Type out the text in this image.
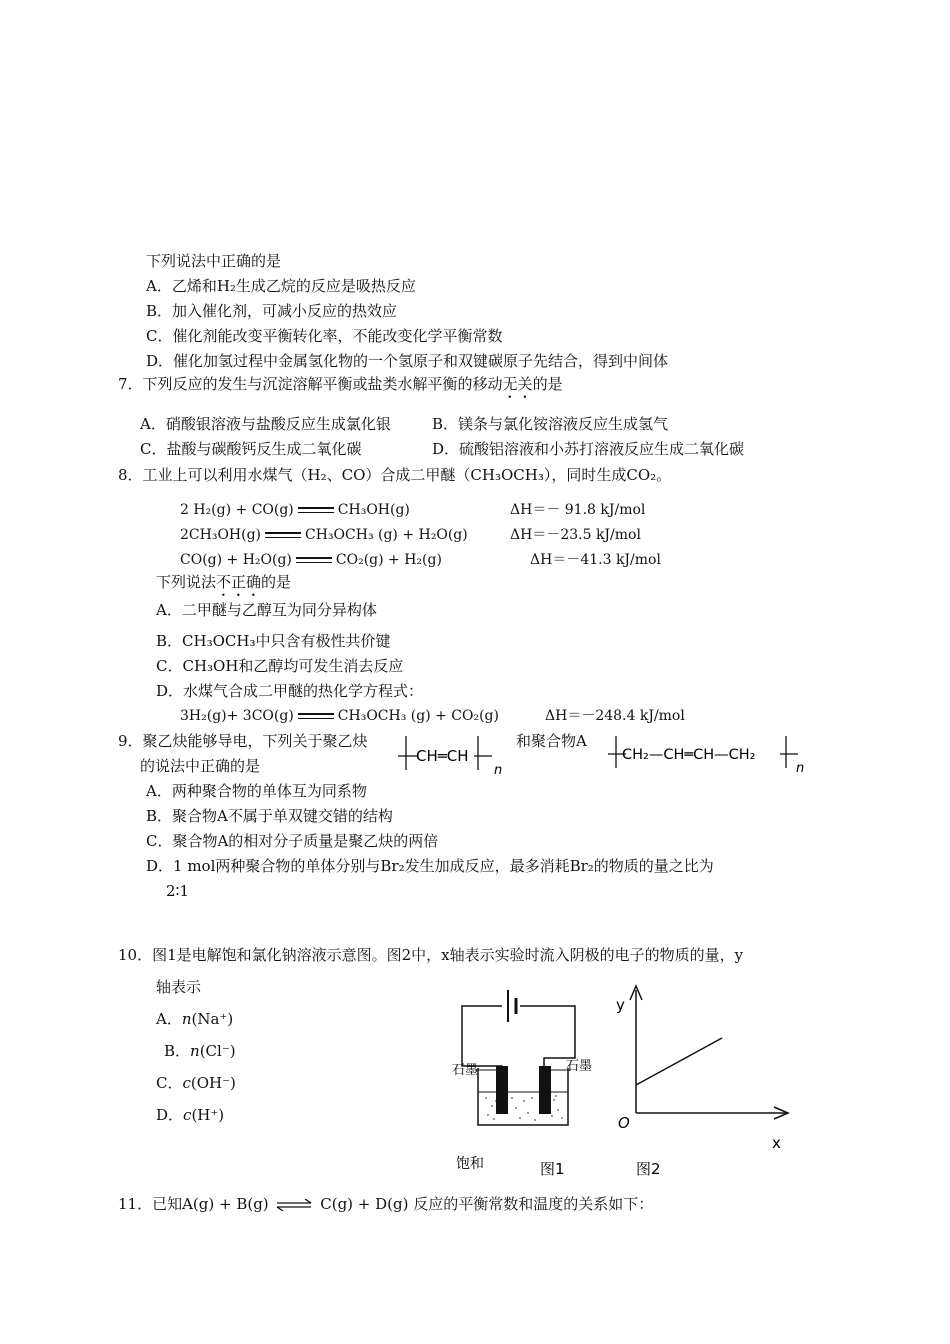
下列说法中正确的是
A．乙烯和H₂生成乙烷的反应是吸热反应
B．加入催化剂，可减小反应的热效应
C．催化剂能改变平衡转化率，不能改变化学平衡常数
D．催化加氢过程中金属氢化物的一个氢原子和双键碳原子先结合，得到中间体
7．下列反应的发生与沉淀溶解平衡或盐类水解平衡的移动无关的是
A．硝酸银溶液与盐酸反应生成氯化银	B．镁条与氯化铵溶液反应生成氢气
C．盐酸与碳酸钙反生成二氧化碳	D．硫酸铝溶液和小苏打溶液反应生成二氧化碳
8．工业上可以利用水煤气（H₂、CO）合成二甲醚（CH₃OCH₃），同时生成CO₂。
2 H₂(g) + CO(g)	CH₃OH(g)	ΔH＝－ 91.8 kJ/mol
2CH₃OH(g)	CH₃OCH₃ (g) + H₂O(g)	ΔH＝－23.5 kJ/mol
CO(g) + H₂O(g)	CO₂(g) + H₂(g)	ΔH＝－41.3 kJ/mol
下列说法不正确的是
A．二甲醚与乙醇互为同分异构体
B．CH₃OCH₃中只含有极性共价键
C．CH₃OH和乙醇均可发生消去反应
D．水煤气合成二甲醚的热化学方程式：
3H₂(g)+ 3CO(g)	CH₃OCH₃ (g) + CO₂(g)	ΔH＝－248.4 kJ/mol
9．聚乙炔能够导电，下列关于聚乙炔
的说法中正确的是
和聚合物A
CH═CH
n
CH₂—CH═CH—CH₂
n
A．两种聚合物的单体互为同系物
B．聚合物A不属于单双键交错的结构
C．聚合物A的相对分子质量是聚乙炔的两倍
D．1 mol两种聚合物的单体分别与Br₂发生加成反应，最多消耗Br₂的物质的量之比为
2∶1
10．图1是电解饱和氯化钠溶液示意图。图2中，x轴表示实验时流入阴极的电子的物质的量，y
轴表示
A．n(Na⁺)
B．n(Cl⁻)
C．c(OH⁻)
D．c(H⁺)
石墨	石墨
饱和	图1
y
x
O
图2
11．已知A(g) + B(g) ⇌ C(g) + D(g) 反应的平衡常数和温度的关系如下：
